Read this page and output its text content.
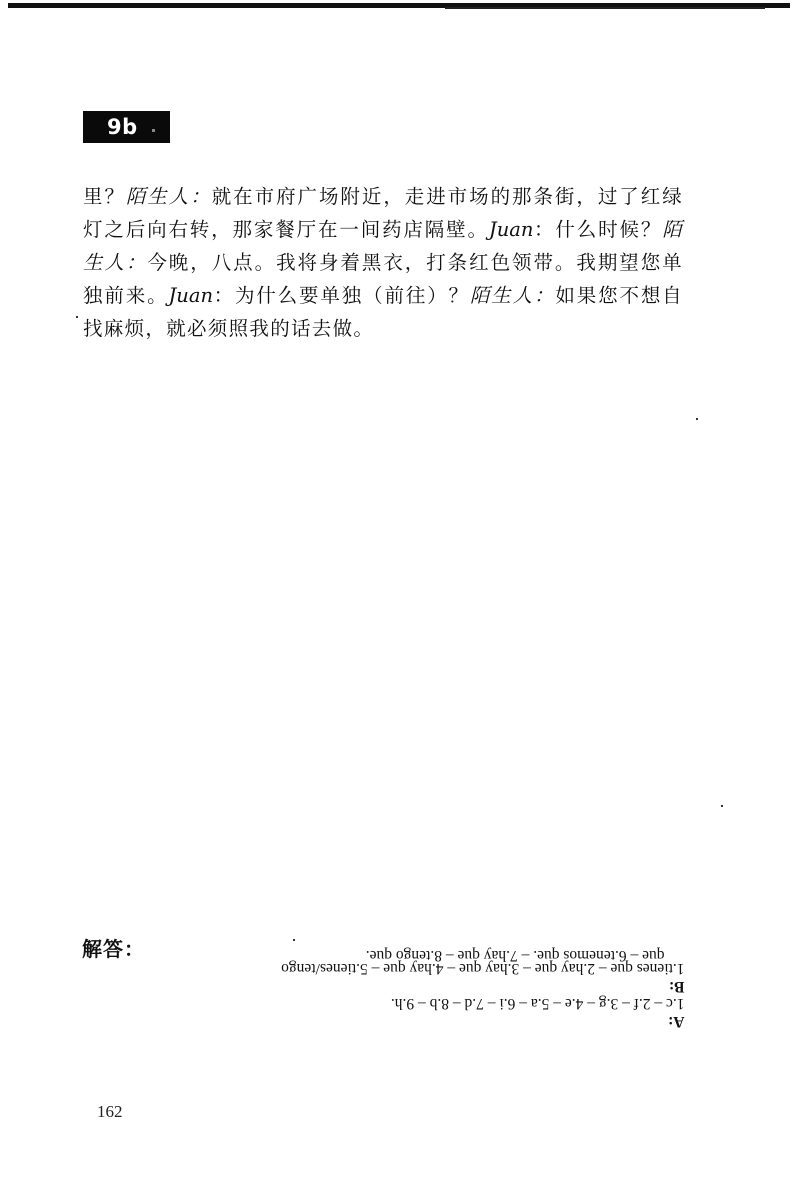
9b
里？陌生人：就在市府广场附近，走进市场的那条街，过了红绿灯之后向右转，那家餐厅在一间药店隔壁。Juan：什么时候？陌生人：今晚，八点。我将身着黑衣，打条红色领带。我期望您单独前来。Juan：为什么要单独（前往）？陌生人：如果您不想自找麻烦，就必须照我的话去做。
解答：

A:
1.c – 2.f – 3.g – 4.e – 5.a – 6.i – 7.d – 8.b – 9.h.

B:
1.tienes que – 2.hay que – 3.hay que – 4.hay que – 5.tienes/tengo

que – 6.tenemos que. – 7.hay que – 8.tengo que.

162
